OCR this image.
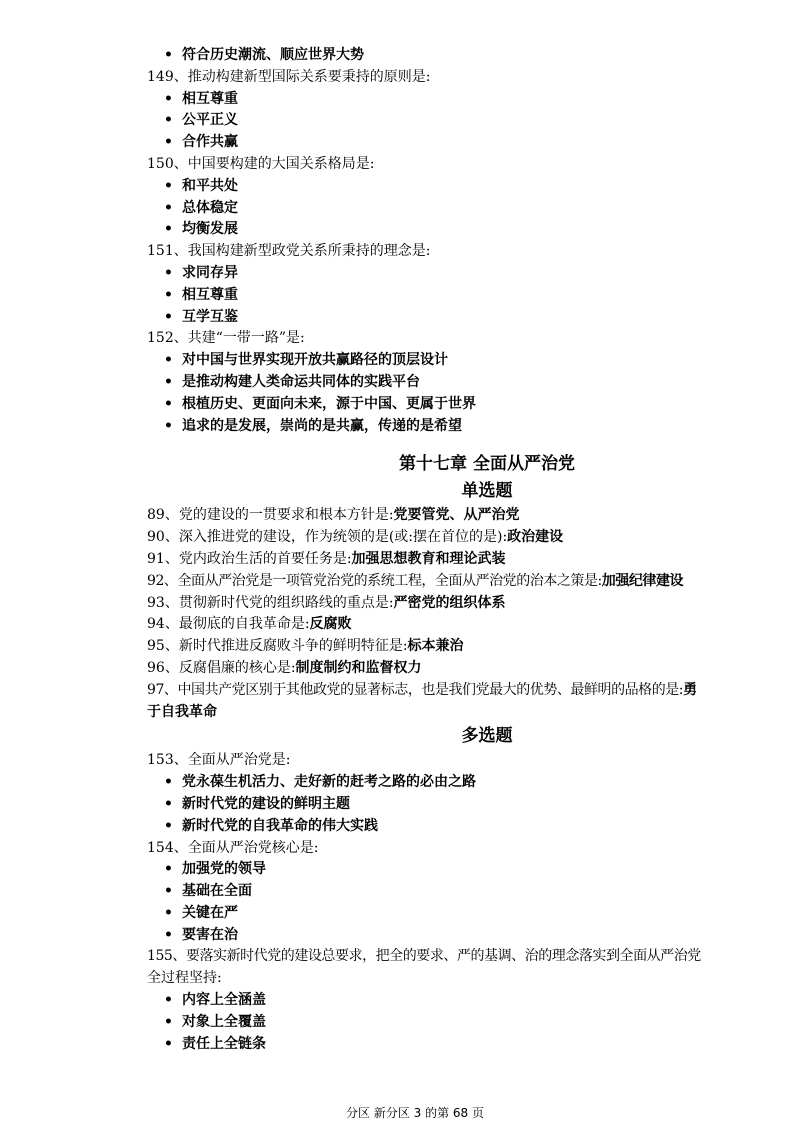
• 符合历史潮流、顺应世界大势
149、推动构建新型国际关系要秉持的原则是:
• 相互尊重
• 公平正义
• 合作共赢
150、中国要构建的大国关系格局是:
• 和平共处
• 总体稳定
• 均衡发展
151、我国构建新型政党关系所秉持的理念是:
• 求同存异
• 相互尊重
• 互学互鉴
152、共建“一带一路”是:
• 对中国与世界实现开放共赢路径的顶层设计
• 是推动构建人类命运共同体的实践平台
• 根植历史、更面向未来，源于中国、更属于世界
• 追求的是发展，崇尚的是共赢，传递的是希望
第十七章 全面从严治党
单选题
89、党的建设的一贯要求和根本方针是:党要管党、从严治党
90、深入推进党的建设，作为统领的是(或:摆在首位的是):政治建设
91、党内政治生活的首要任务是:加强思想教育和理论武装
92、全面从严治党是一项管党治党的系统工程，全面从严治党的治本之策是:加强纪律建设
93、贯彻新时代党的组织路线的重点是:严密党的组织体系
94、最彻底的自我革命是:反腐败
95、新时代推进反腐败斗争的鲜明特征是:标本兼治
96、反腐倡廉的核心是:制度制约和监督权力
97、中国共产党区别于其他政党的显著标志，也是我们党最大的优势、最鲜明的品格的是:勇
于自我革命
多选题
153、全面从严治党是:
• 党永葆生机活力、走好新的赶考之路的必由之路
• 新时代党的建设的鲜明主题
• 新时代党的自我革命的伟大实践
154、全面从严治党核心是:
• 加强党的领导
• 基础在全面
• 关键在严
• 要害在治
155、要落实新时代党的建设总要求，把全的要求、严的基调、治的理念落实到全面从严治党
全过程坚持:
• 内容上全涵盖
• 对象上全覆盖
• 责任上全链条
分区 新分区 3 的第 68 页
